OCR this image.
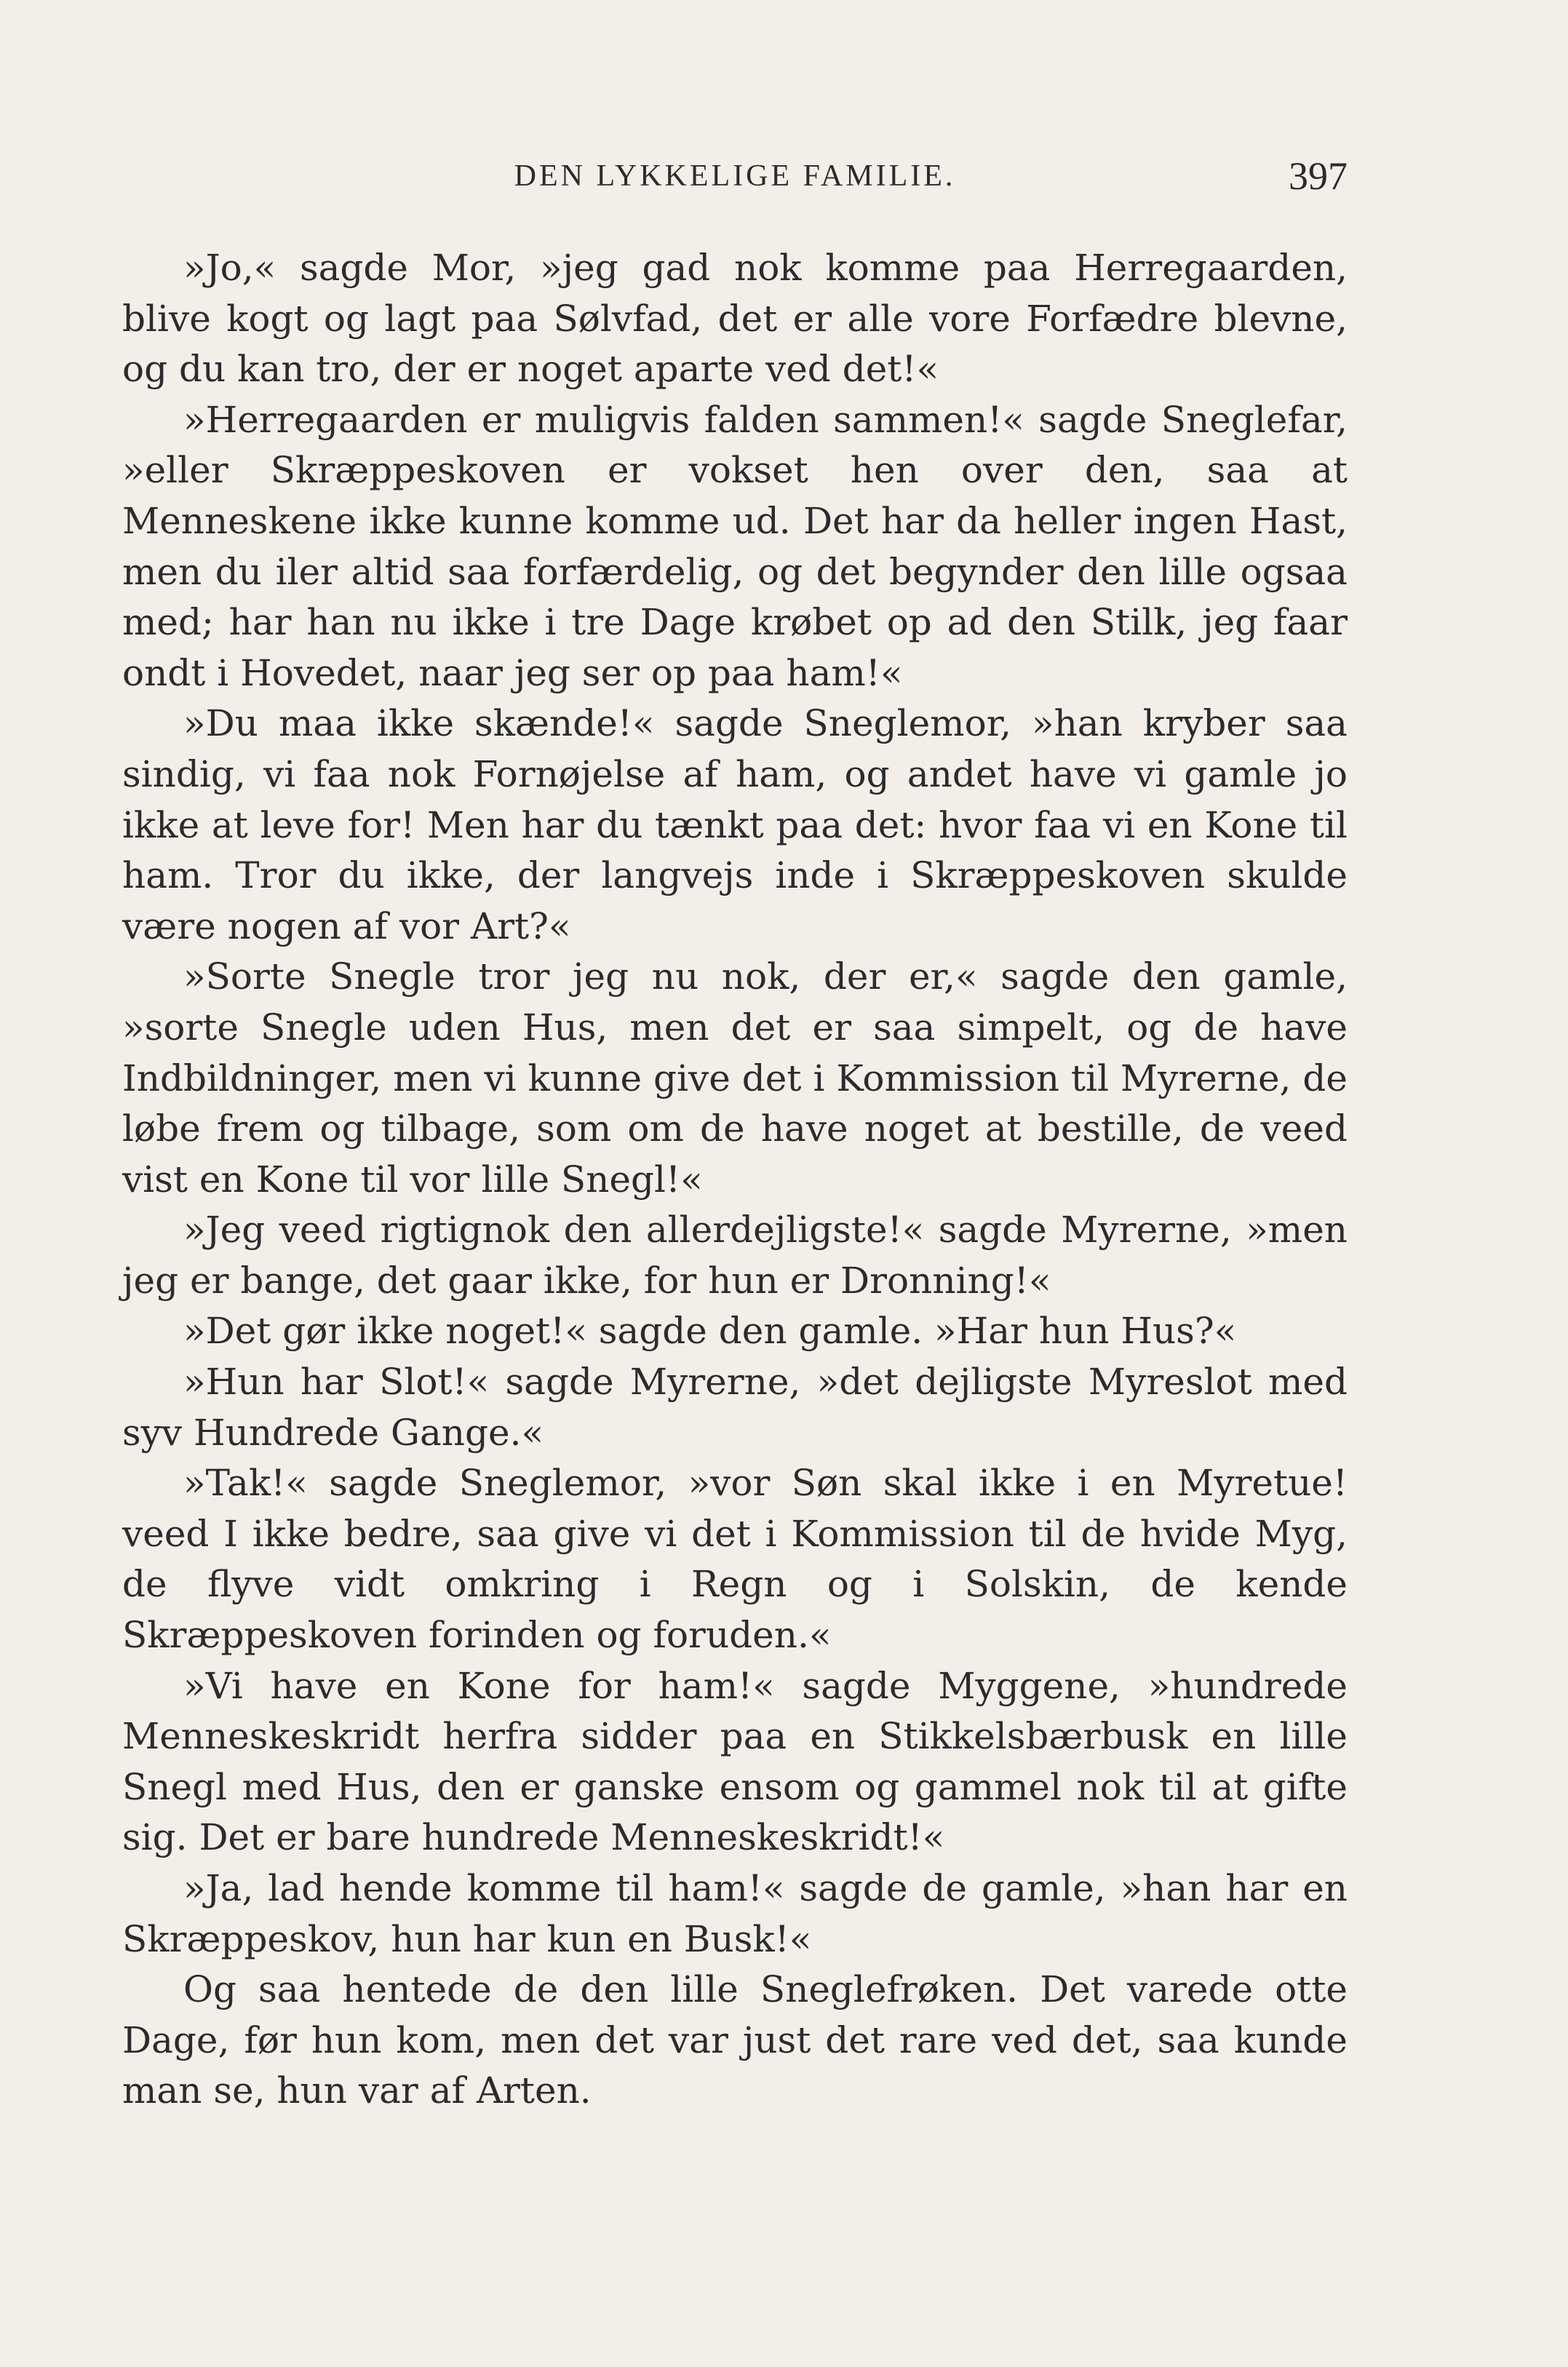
DEN LYKKELIGE FAMILIE.	397

»Jo,« sagde Mor, »jeg gad nok komme paa Herregaarden, blive kogt og lagt paa Sølvfad, det er alle vore Forfædre blevne, og du kan tro, der er noget aparte ved det!«

»Herregaarden er muligvis falden sammen!« sagde Sneglefar, »eller Skræppeskoven er vokset hen over den, saa at Menneskene ikke kunne komme ud. Det har da heller ingen Hast, men du iler altid saa forfærdelig, og det begynder den lille ogsaa med; har han nu ikke i tre Dage krøbet op ad den Stilk, jeg faar ondt i Hovedet, naar jeg ser op paa ham!«

»Du maa ikke skænde!« sagde Sneglemor, »han kryber saa sindig, vi faa nok Fornøjelse af ham, og andet have vi gamle jo ikke at leve for! Men har du tænkt paa det: hvor faa vi en Kone til ham. Tror du ikke, der langvejs inde i Skræppeskoven skulde være nogen af vor Art?«

»Sorte Snegle tror jeg nu nok, der er,« sagde den gamle, »sorte Snegle uden Hus, men det er saa simpelt, og de have Indbildninger, men vi kunne give det i Kommission til Myrerne, de løbe frem og tilbage, som om de have noget at bestille, de veed vist en Kone til vor lille Snegl!«

»Jeg veed rigtignok den allerdejligste!« sagde Myrerne, »men jeg er bange, det gaar ikke, for hun er Dronning!«

»Det gør ikke noget!« sagde den gamle. »Har hun Hus?«

»Hun har Slot!« sagde Myrerne, »det dejligste Myreslot med syv Hundrede Gange.«

»Tak!« sagde Sneglemor, »vor Søn skal ikke i en Myretue! veed I ikke bedre, saa give vi det i Kommission til de hvide Myg, de flyve vidt omkring i Regn og i Solskin, de kende Skræppeskoven forinden og foruden.«

»Vi have en Kone for ham!« sagde Myggene, »hundrede Menneskeskridt herfra sidder paa en Stikkelsbærbusk en lille Snegl med Hus, den er ganske ensom og gammel nok til at gifte sig. Det er bare hundrede Menneskeskridt!«

»Ja, lad hende komme til ham!« sagde de gamle, »han har en Skræppeskov, hun har kun en Busk!«

Og saa hentede de den lille Sneglefrøken. Det varede otte Dage, før hun kom, men det var just det rare ved det, saa kunde man se, hun var af Arten.
